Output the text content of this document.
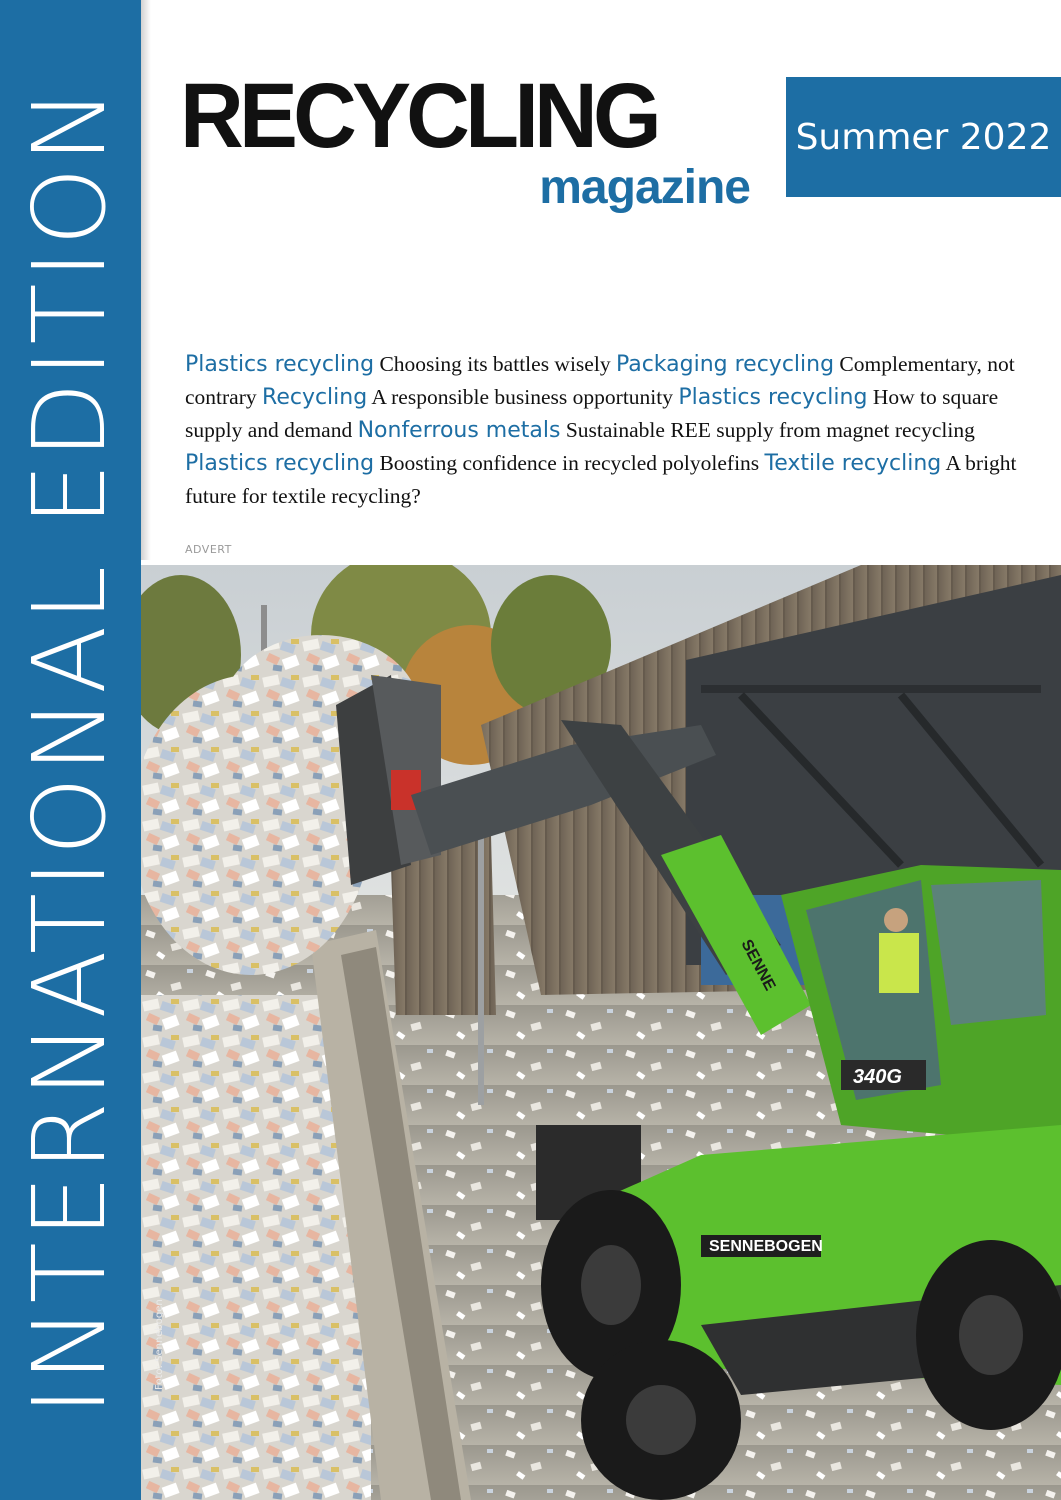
INTERNATIONAL EDITION RECYCLING
magazine
Summer 2022
Plastics recycling Choosing its battles wisely Packaging recycling Complementary, not contrary Recycling A responsible business opportunity Plastics recycling How to square supply and demand Nonferrous metals Sustainable REE supply from magnet recycling Plastics recycling Boosting confidence in recycled polyolefins Textile recycling A bright future for textile recycling?
ADVERT
SENNE
340G
SENNEBOGEN
Foto: Sennebogen
